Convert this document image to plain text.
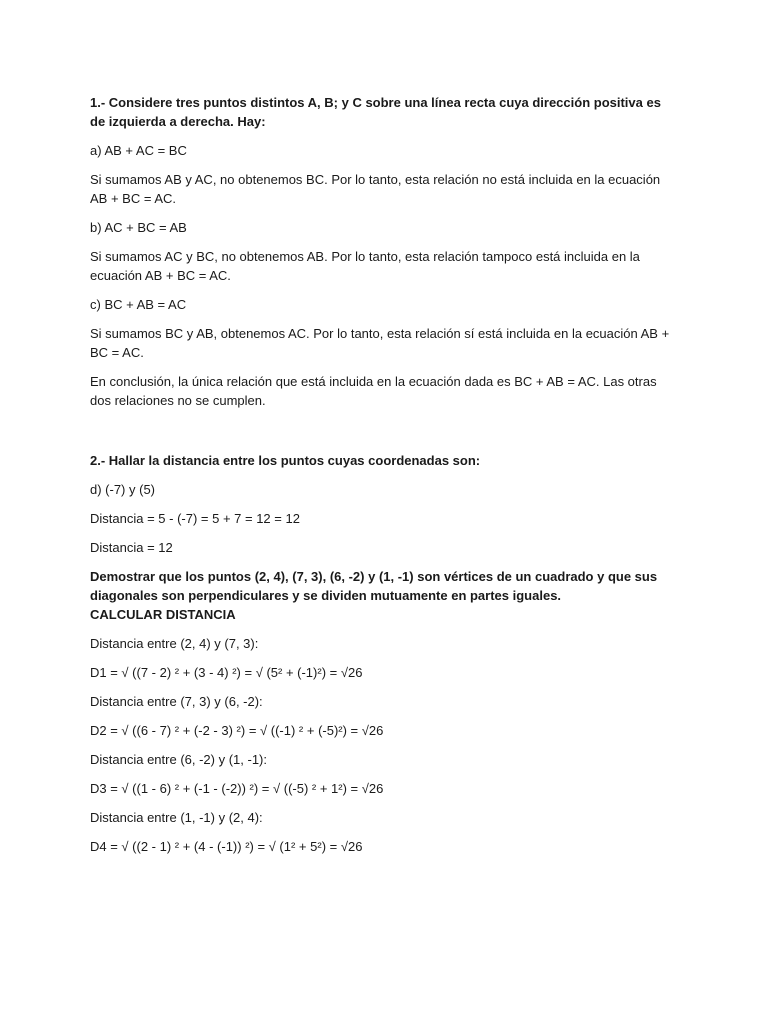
1.- Considere tres puntos distintos A, B; y C sobre una línea recta cuya dirección positiva es de izquierda a derecha. Hay:

a) AB + AC = BC

Si sumamos AB y AC, no obtenemos BC. Por lo tanto, esta relación no está incluida en la ecuación AB + BC = AC.

b) AC + BC = AB

Si sumamos AC y BC, no obtenemos AB. Por lo tanto, esta relación tampoco está incluida en la ecuación AB + BC = AC.

c) BC + AB = AC

Si sumamos BC y AB, obtenemos AC. Por lo tanto, esta relación sí está incluida en la ecuación AB + BC = AC.

En conclusión, la única relación que está incluida en la ecuación dada es BC + AB = AC. Las otras dos relaciones no se cumplen.

2.- Hallar la distancia entre los puntos cuyas coordenadas son:

d) (-7) y (5)

Distancia = 5 - (-7) = 5 + 7 = 12 = 12

Distancia = 12

Demostrar que los puntos (2, 4), (7, 3), (6, -2) y (1, -1) son vértices de un cuadrado y que sus diagonales son perpendiculares y se dividen mutuamente en partes iguales.

CALCULAR DISTANCIA

Distancia entre (2, 4) y (7, 3):

D1 = √ ((7 - 2) ² + (3 - 4) ²) = √ (5² + (-1)²) = √26

Distancia entre (7, 3) y (6, -2):

D2 = √ ((6 - 7) ² + (-2 - 3) ²) = √ ((-1) ² + (-5)²) = √26

Distancia entre (6, -2) y (1, -1):

D3 = √ ((1 - 6) ² + (-1 - (-2)) ²) = √ ((-5) ² + 1²) = √26

Distancia entre (1, -1) y (2, 4):

D4 = √ ((2 - 1) ² + (4 - (-1)) ²) = √ (1² + 5²) = √26
